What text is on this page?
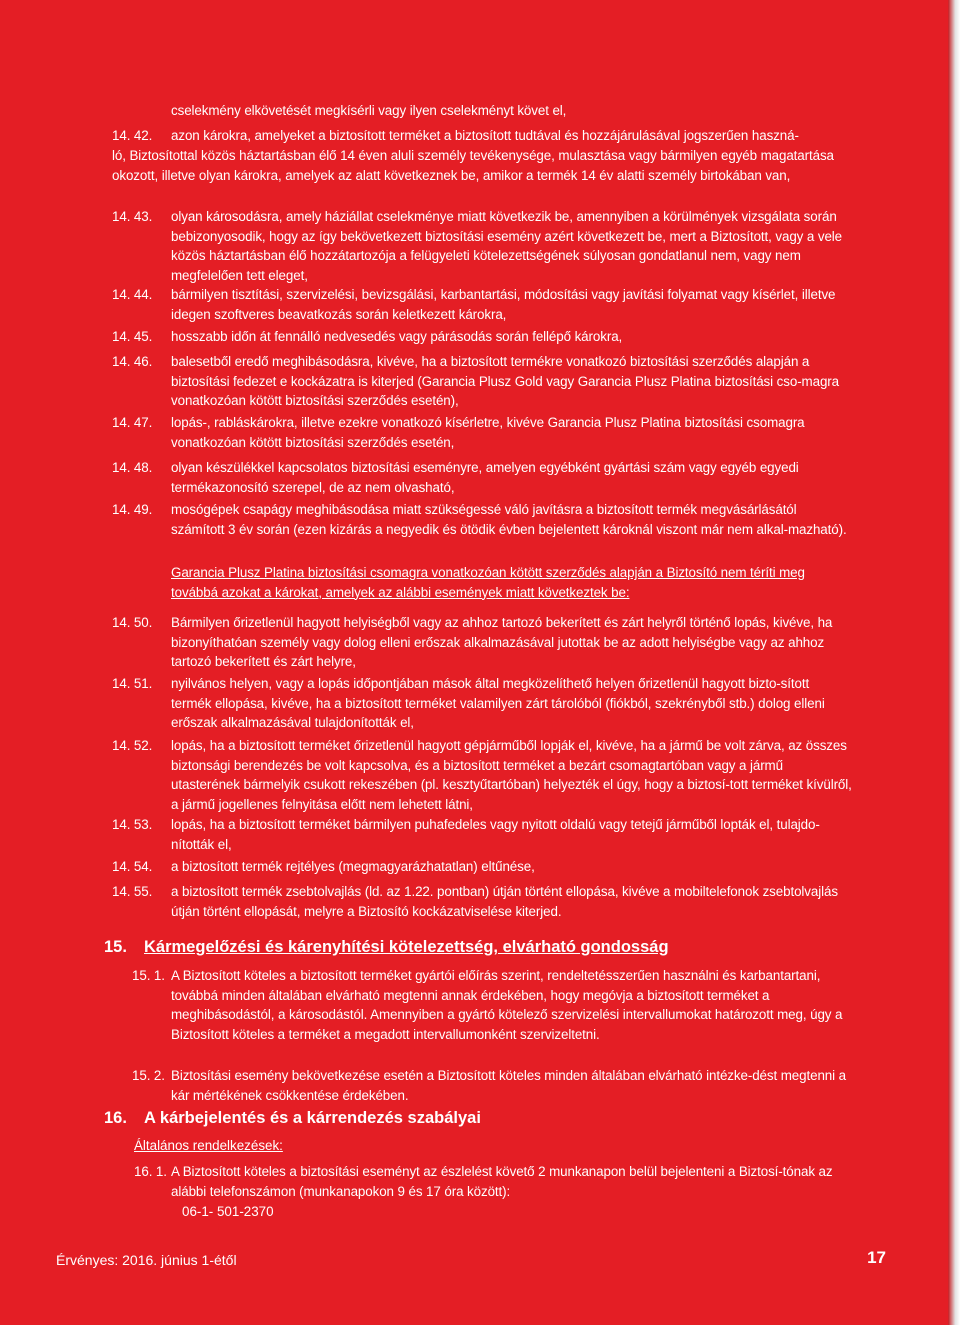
cselekmény elkövetését megkísérli vagy ilyen cselekményt követ el,
14. 42.	azon károkra, amelyeket a biztosított terméket a biztosított tudtával és hozzájárulásával jogszerűen haszná-
ló, Biztosítottal közös háztartásban élő 14 éven aluli személy tevékenysége, mulasztása vagy bármilyen egyéb magatartása okozott, illetve olyan károkra, amelyek az alatt következnek be, amikor a termék 14 év alatti személy birtokában van,
14. 43.	olyan károsodásra, amely háziállat cselekménye miatt következik be, amennyiben a körülmények vizsgálata során bebizonyosodik, hogy az így bekövetkezett biztosítási esemény azért következett be, mert a Biztosított, vagy a vele közös háztartásban élő hozzátartozója a felügyeleti kötelezettségének súlyosan gondatlanul nem, vagy nem megfelelően tett eleget,
14. 44.	bármilyen tisztítási, szervizelési, bevizsgálási, karbantartási, módosítási vagy javítási folyamat vagy kísérlet, illetve idegen szoftveres beavatkozás során keletkezett károkra,
14. 45.	hosszabb időn át fennálló nedvesedés vagy párásodás során fellépő károkra,
14. 46.	balesetből eredő meghibásodásra, kivéve, ha a biztosított termékre vonatkozó biztosítási szerződés alapján a biztosítási fedezet e kockázatra is kiterjed (Garancia Plusz Gold vagy Garancia Plusz Platina biztosítási cso-magra vonatkozóan kötött biztosítási szerződés esetén),
14. 47.	lopás-, rabláskárokra, illetve ezekre vonatkozó kísérletre, kivéve Garancia Plusz Platina biztosítási csomagra vonatkozóan kötött biztosítási szerződés esetén,
14. 48.	olyan készülékkel kapcsolatos biztosítási eseményre, amelyen egyébként gyártási szám vagy egyéb egyedi termékazonosító szerepel, de az nem olvasható,
14. 49.	mosógépek csapágy meghibásodása miatt szükségessé váló javításra a biztosított termék megvásárlásától számított 3 év során (ezen kizárás a negyedik és ötödik évben bejelentett károknál viszont már nem alkal-mazható).
Garancia Plusz Platina biztosítási csomagra vonatkozóan kötött szerződés alapján a Biztosító nem téríti meg továbbá azokat a károkat, amelyek az alábbi események miatt következtek be:
14. 50.	Bármilyen őrizetlenül hagyott helyiségből vagy az ahhoz tartozó bekerített és zárt helyről történő lopás, kivéve, ha bizonyíthatóan személy vagy dolog elleni erőszak alkalmazásával jutottak be az adott helyiségbe vagy az ahhoz tartozó bekerített és zárt helyre,
14. 51.	nyilvános helyen, vagy a lopás időpontjában mások által megközelíthető helyen őrizetlenül hagyott bizto-sított termék ellopása, kivéve, ha a biztosított terméket valamilyen zárt tárolóból (fiókból, szekrényből stb.) dolog elleni erőszak alkalmazásával tulajdonították el,
14. 52.	lopás, ha a biztosított terméket őrizetlenül hagyott gépjárműből lopják el, kivéve, ha a jármű be volt zárva, az összes biztonsági berendezés be volt kapcsolva, és a biztosított terméket a bezárt csomagtartóban vagy a jármű utasterének bármelyik csukott rekeszében (pl. kesztyűtartóban) helyezték el úgy, hogy a biztosí-tott terméket kívülről, a jármű jogellenes felnyitása előtt nem lehetett látni,
14. 53.	lopás, ha a biztosított terméket bármilyen puhafedeles vagy nyitott oldalú vagy tetejű járműből lopták el, tulajdo-nították el,
14. 54.	a biztosított termék rejtélyes (megmagyarázhatatlan) eltűnése,
14. 55.	a biztosított termék zsebtolvajlás (ld. az 1.22. pontban) útján történt ellopása, kivéve a mobiltelefonok zsebtolvajlás útján történt ellopását, melyre a Biztosító kockázatviselése kiterjed.
15. Kármegelőzési és kárenyhítési kötelezettség, elvárható gondosság
15. 1. A Biztosított köteles a biztosított terméket gyártói előírás szerint, rendeltetésszerűen használni és karbantartani, továbbá minden általában elvárható megtenni annak érdekében, hogy megóvja a biztosított terméket a meghibásodástól, a károsodástól. Amennyiben a gyártó kötelező szervizelési intervallumokat határozott meg, úgy a Biztosított köteles a terméket a megadott intervallumonként szervizeltetni.
15. 2. Biztosítási esemény bekövetkezése esetén a Biztosított köteles minden általában elvárható intézke-dést megtenni a kár mértékének csökkentése érdekében.
16. A kárbejelentés és a kárrendezés szabályai
Általános rendelkezések:
16. 1. A Biztosított köteles a biztosítási eseményt az észlelést követő 2 munkanapon belül bejelenteni a Biztosí-tónak az alábbi telefonszámon (munkanapokon 9 és 17 óra között):
06-1- 501-2370
Érvényes: 2016. június 1-étől	17
